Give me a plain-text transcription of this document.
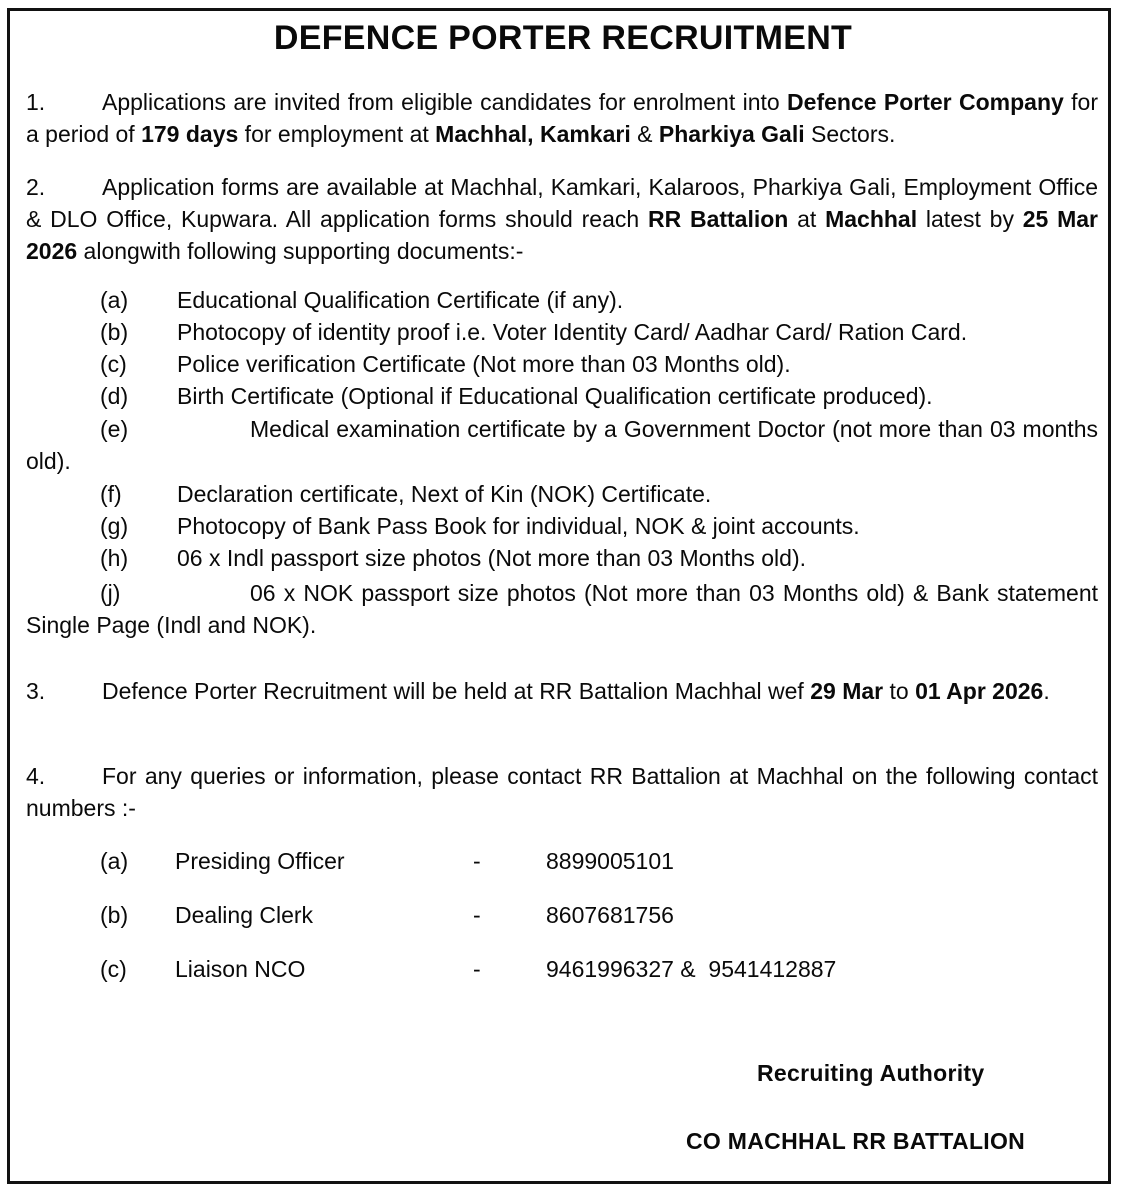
DEFENCE PORTER RECRUITMENT
1. Applications are invited from eligible candidates for enrolment into Defence Porter Company for a period of 179 days for employment at Machhal, Kamkari & Pharkiya Gali Sectors.
2. Application forms are available at Machhal, Kamkari, Kalaroos, Pharkiya Gali, Employment Office & DLO Office, Kupwara. All application forms should reach RR Battalion at Machhal latest by 25 Mar 2026 alongwith following supporting documents:-
(a) Educational Qualification Certificate (if any).
(b) Photocopy of identity proof i.e. Voter Identity Card/ Aadhar Card/ Ration Card.
(c) Police verification Certificate (Not more than 03 Months old).
(d) Birth Certificate (Optional if Educational Qualification certificate produced).
(e)	Medical examination certificate by a Government Doctor (not more than 03 months old).
(f) Declaration certificate, Next of Kin (NOK) Certificate.
(g) Photocopy of Bank Pass Book for individual, NOK & joint accounts.
(h) 06 x Indl passport size photos (Not more than 03 Months old).
(j)	06 x NOK passport size photos (Not more than 03 Months old) & Bank statement Single Page (Indl and NOK).
3. Defence Porter Recruitment will be held at RR Battalion Machhal wef 29 Mar to 01 Apr 2026.
4. For any queries or information, please contact RR Battalion at Machhal on the following contact numbers :-
(a) Presiding Officer	-	8899005101
(b) Dealing Clerk	-	8607681756
(c) Liaison NCO	-	9461996327 &  9541412887
Recruiting Authority
CO MACHHAL RR BATTALION
